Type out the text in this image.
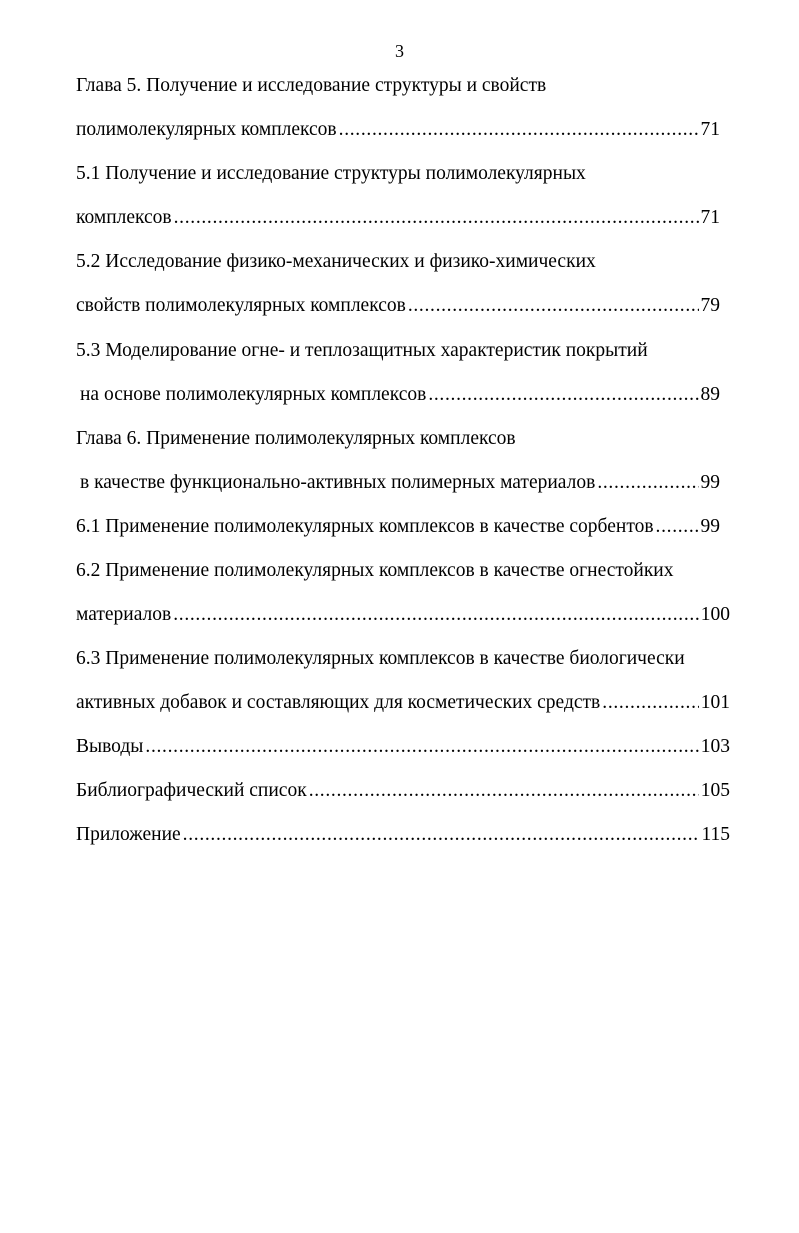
3
Глава 5. Получение и исследование структуры и свойств
полимолекулярных комплексов . . .	71
5.1 Получение и исследование структуры полимолекулярных
комплексов . . .	71
5.2 Исследование физико-механических и физико-химических
свойств полимолекулярных комплексов . . .	79
5.3 Моделирование огне- и теплозащитных характеристик покрытий
на основе полимолекулярных комплексов . . .	89
Глава 6. Применение полимолекулярных комплексов
в качестве функционально-активных полимерных материалов . . .	99
6.1 Применение полимолекулярных комплексов в качестве сорбентов . . . 99
6.2 Применение полимолекулярных комплексов в качестве огнестойких
материалов . . .	100
6.3 Применение полимолекулярных комплексов в качестве биологически
активных добавок и составляющих для косметических средств . . .	101
Выводы . . .	103
Библиографический список . . .	105
Приложение . . .	115
